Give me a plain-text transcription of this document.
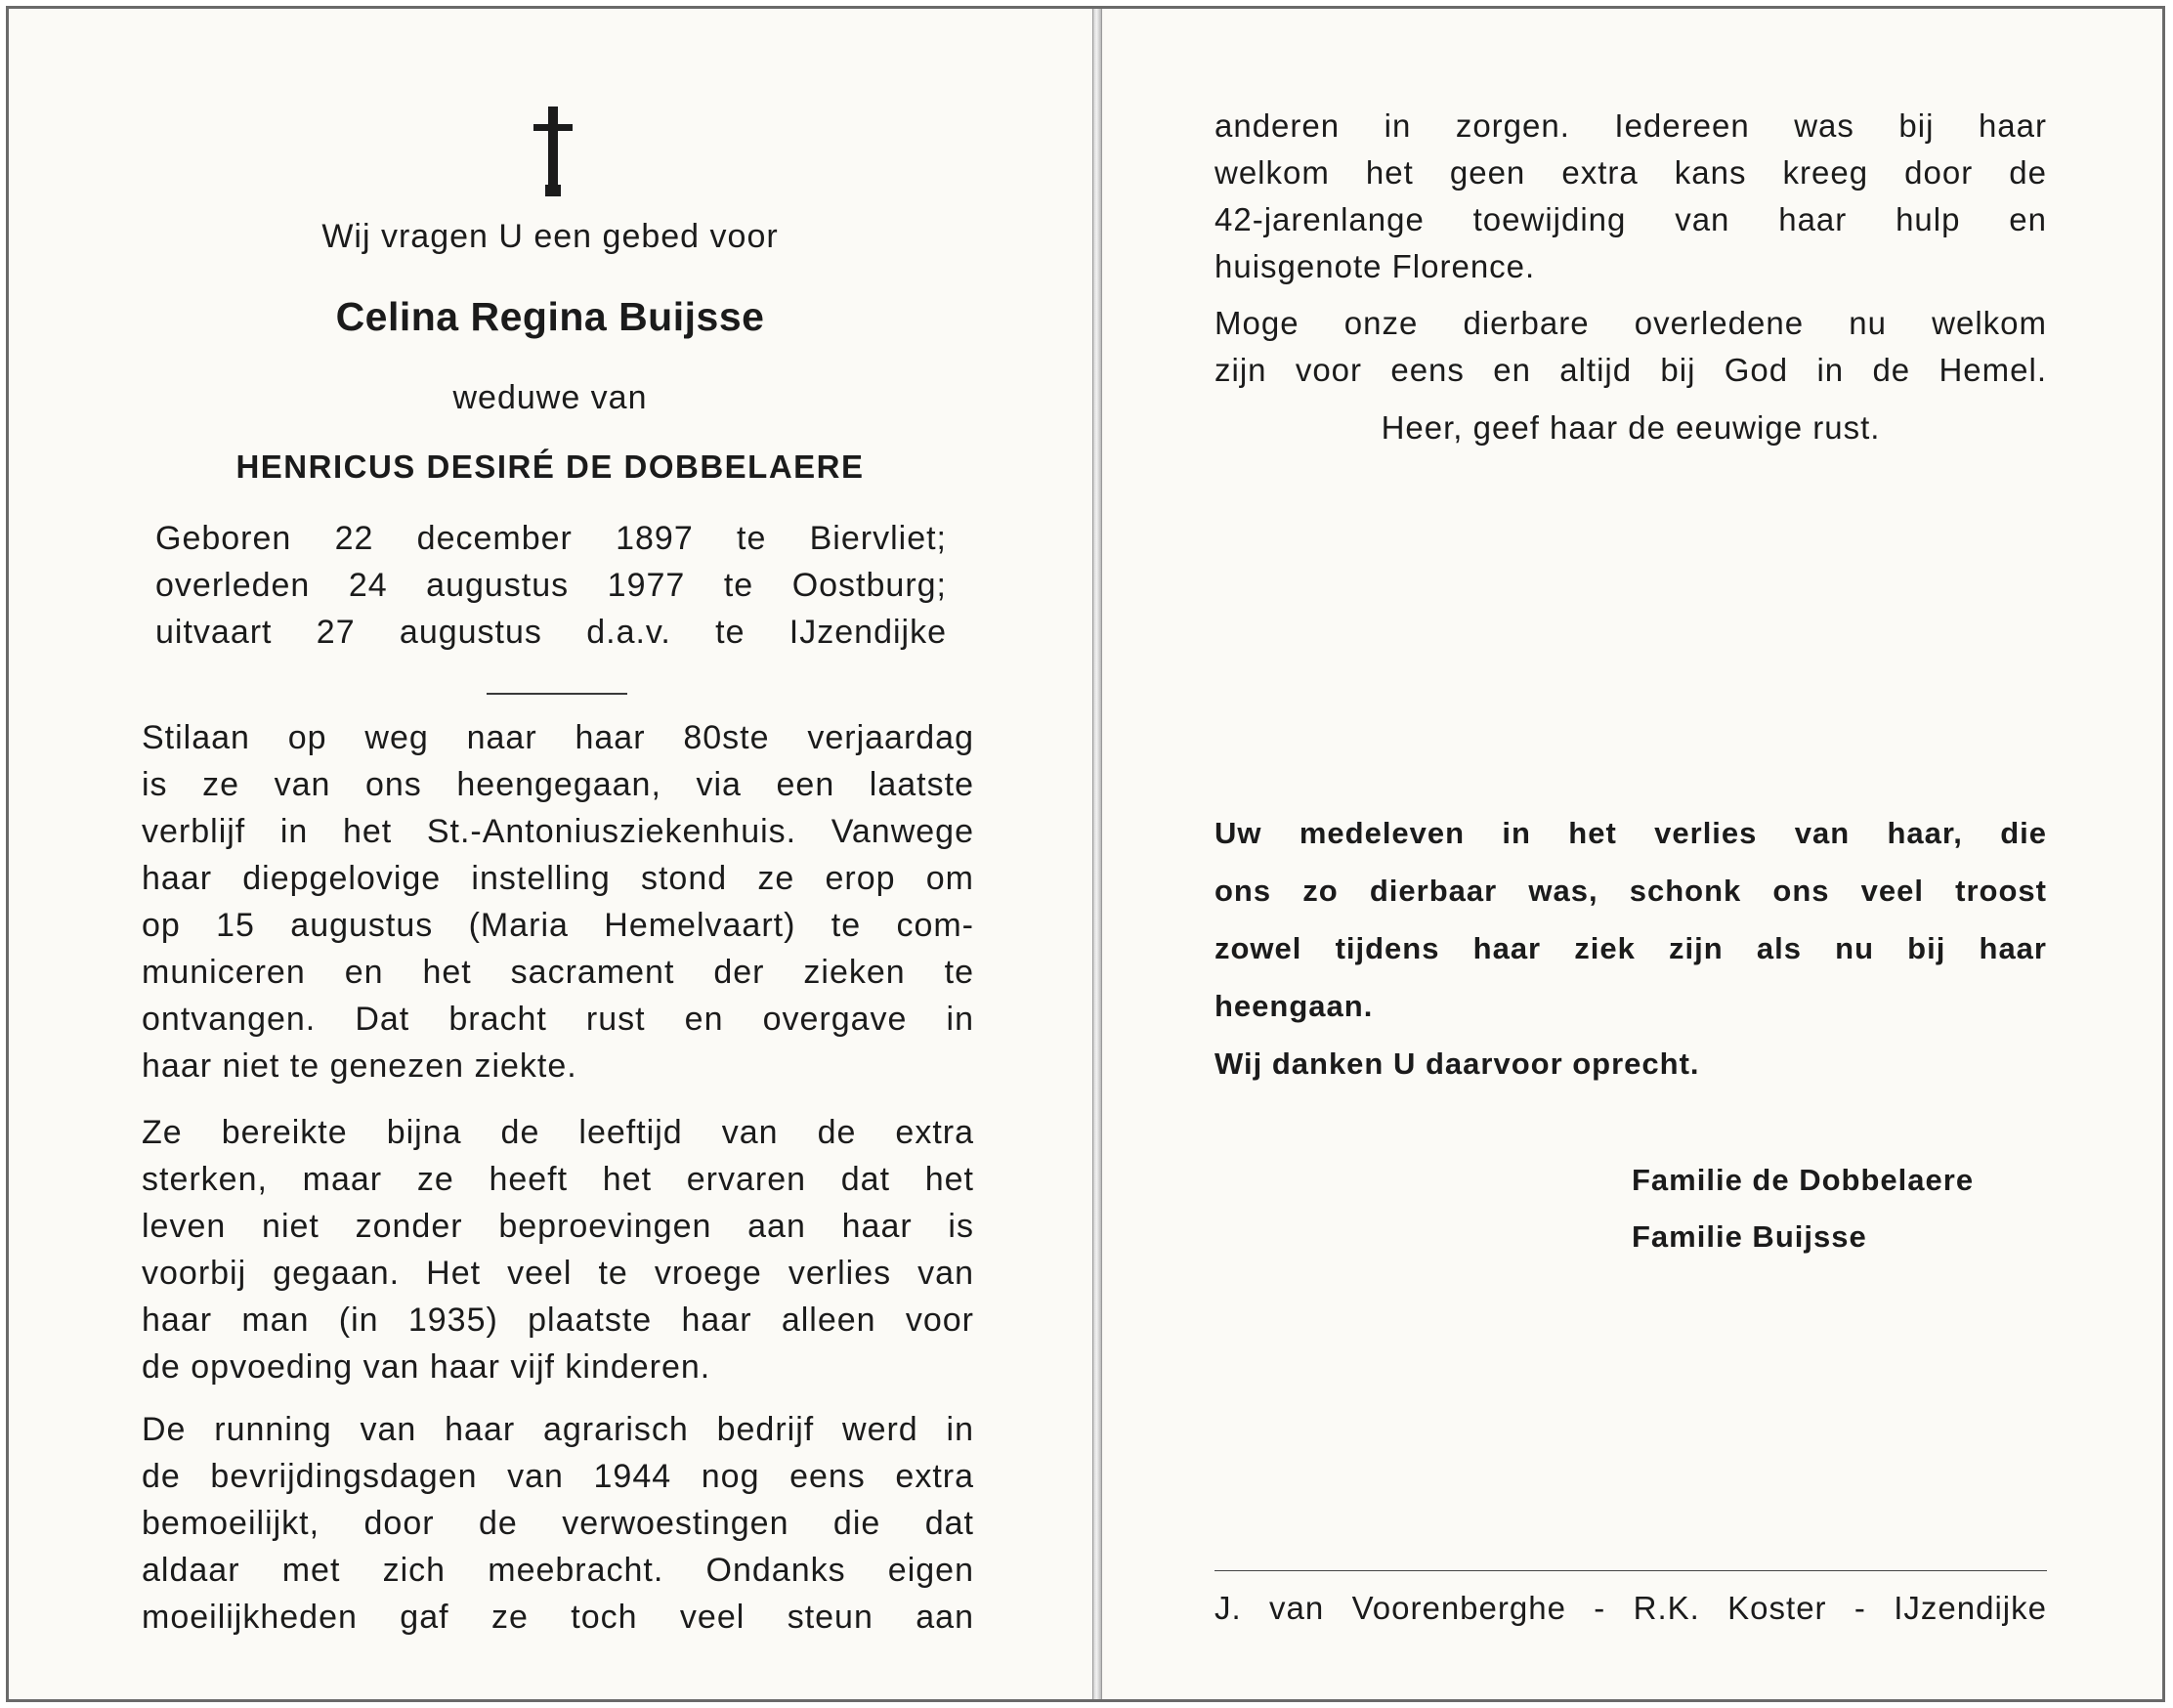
Wij vragen U een gebed voor
Celina Regina Buijsse
weduwe van
HENRICUS DESIRÉ DE DOBBELAERE
Geboren 22 december 1897 te Biervliet;
overleden 24 augustus 1977 te Oostburg;
uitvaart 27 augustus d.a.v. te IJzendijke
Stilaan op weg naar haar 80ste verjaardag
is ze van ons heengegaan, via een laatste
verblijf in het St.-Antoniusziekenhuis. Vanwege
haar diepgelovige instelling stond ze erop om
op 15 augustus (Maria Hemelvaart) te com-
municeren en het sacrament der zieken te
ontvangen. Dat bracht rust en overgave in
haar niet te genezen ziekte.
Ze bereikte bijna de leeftijd van de extra
sterken, maar ze heeft het ervaren dat het
leven niet zonder beproevingen aan haar is
voorbij gegaan. Het veel te vroege verlies van
haar man (in 1935) plaatste haar alleen voor
de opvoeding van haar vijf kinderen.
De running van haar agrarisch bedrijf werd in
de bevrijdingsdagen van 1944 nog eens extra
bemoeilijkt, door de verwoestingen die dat
aldaar met zich meebracht. Ondanks eigen
moeilijkheden gaf ze toch veel steun aan
anderen in zorgen. Iedereen was bij haar
welkom het geen extra kans kreeg door de
42-jarenlange toewijding van haar hulp en
huisgenote Florence.
Moge onze dierbare overledene nu welkom
zijn voor eens en altijd bij God in de Hemel.
Heer, geef haar de eeuwige rust.
Uw medeleven in het verlies van haar, die
ons zo dierbaar was, schonk ons veel troost
zowel tijdens haar ziek zijn als nu bij haar
heengaan.
Wij danken U daarvoor oprecht.
Familie de Dobbelaere
Familie Buijsse
J. van Voorenberghe - R.K. Koster - IJzendijke
